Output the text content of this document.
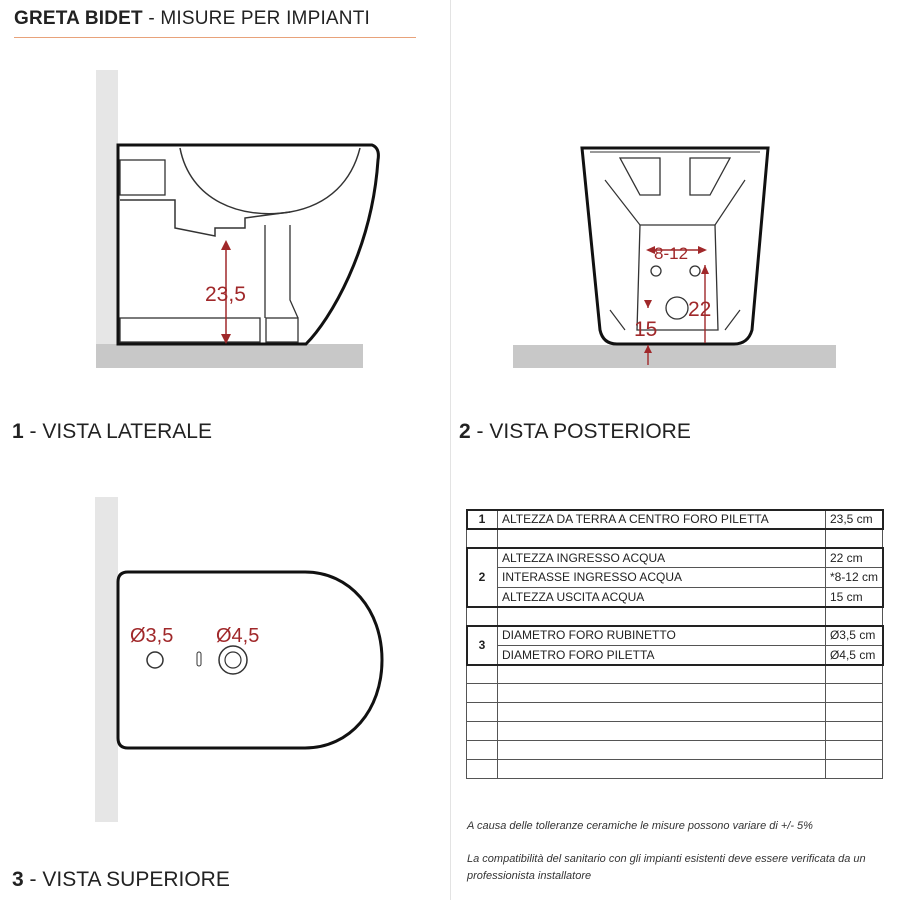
GRETA BIDET - MISURE PER IMPIANTI
23,5
1 - VISTA LATERALE
8-12
22
15
2 - VISTA POSTERIORE
Ø3,5 Ø4,5
3 - VISTA SUPERIORE
1	ALTEZZA DA TERRA A CENTRO FORO PILETTA	23,5 cm

2	ALTEZZA INGRESSO ACQUA	22 cm
	INTERASSE INGRESSO ACQUA	*8-12 cm
	ALTEZZA USCITA ACQUA	15 cm

3	DIAMETRO FORO RUBINETTO	Ø3,5 cm
	DIAMETRO FORO PILETTA	Ø4,5 cm

A causa delle tolleranze ceramiche le misure possono variare di +/- 5%
La compatibilità del sanitario con gli impianti esistenti deve essere verificata da un professionista installatore
